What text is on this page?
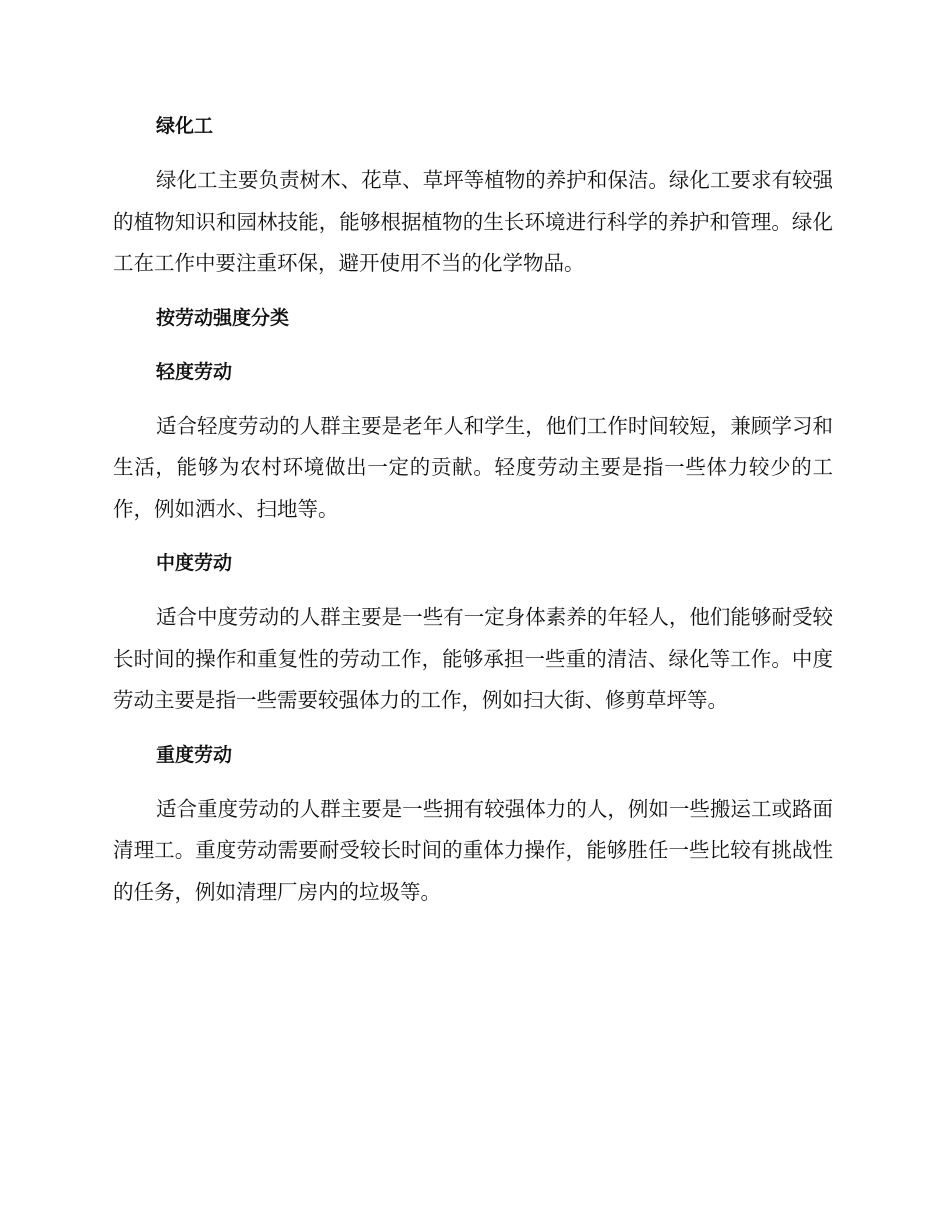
绿化工

绿化工主要负责树木、花草、草坪等植物的养护和保洁。绿化工要求有较强的植物知识和园林技能，能够根据植物的生长环境进行科学的养护和管理。绿化工在工作中要注重环保，避开使用不当的化学物品。

按劳动强度分类
轻度劳动

适合轻度劳动的人群主要是老年人和学生，他们工作时间较短，兼顾学习和生活，能够为农村环境做出一定的贡献。轻度劳动主要是指一些体力较少的工作，例如洒水、扫地等。

中度劳动

适合中度劳动的人群主要是一些有一定身体素养的年轻人，他们能够耐受较长时间的操作和重复性的劳动工作，能够承担一些重的清洁、绿化等工作。中度劳动主要是指一些需要较强体力的工作，例如扫大街、修剪草坪等。

重度劳动

适合重度劳动的人群主要是一些拥有较强体力的人，例如一些搬运工或路面清理工。重度劳动需要耐受较长时间的重体力操作，能够胜任一些比较有挑战性的任务，例如清理厂房内的垃圾等。
